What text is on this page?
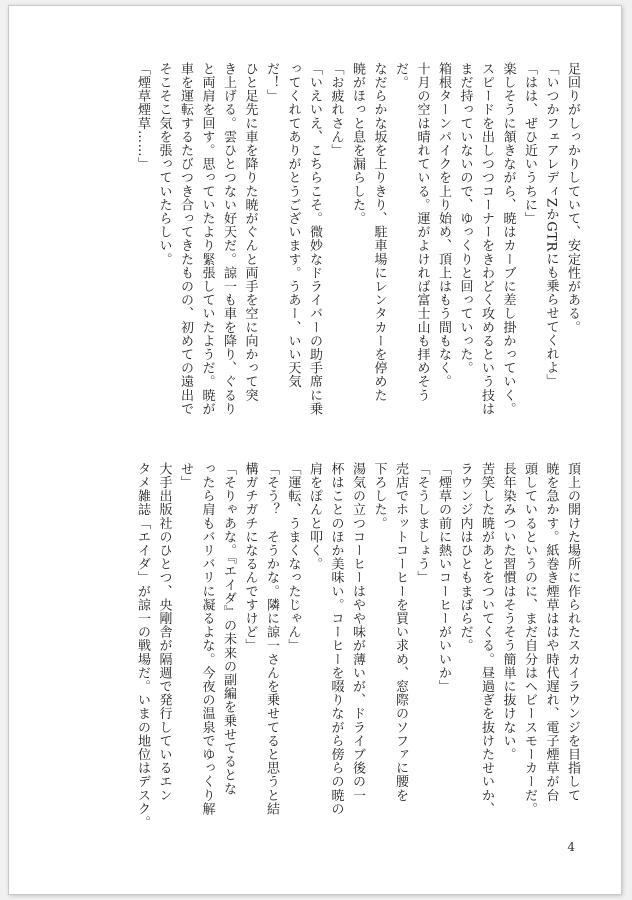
足回りがしっかりしていて、安定性がある。
「いつかフェアレディZかGTRにも乗らせてくれよ」
「はは、ぜひ近いうちに」
楽しそうに頷きながら、暁はカーブに差し掛かっていく。
スピードを出しつつコーナーをきわどく攻めるという技は
まだ持っていないので、ゆっくりと回っていった。
箱根ターンパイクを上り始め、頂上はもう間もなく。
十月の空は晴れている。運がよければ富士山も拝めそう
だ。
なだらかな坂を上りきり、駐車場にレンタカーを停めた
暁がほっと息を漏らした。
「お疲れさん」
「いえいえ、こちらこそ。微妙なドライバーの助手席に乗
ってくれてありがとうございます。うあー、いい天気
だ！」
ひと足先に車を降りた暁がぐんと両手を空に向かって突
き上げる。雲ひとつない好天だ。諒一も車を降り、ぐるり
と両肩を回す。思っていたより緊張していたようだ。暁が
車を運転するたびつき合ってきたものの、初めての遠出で
そこそこ気を張っていたらしい。
「煙草煙草……」
頂上の開けた場所に作られたスカイラウンジを目指して
暁を急かす。紙巻き煙草ははや時代遅れ、電子煙草が台
頭しているというのに、まだ自分はヘビースモーカーだ。
長年染みついた習慣はそうそう簡単に抜けない。
苦笑した暁があとをついてくる。昼過ぎを抜けたせいか、
ラウンジ内はひともまばらだ。
「煙草の前に熱いコーヒーがいいか」
「そうしましょう」
売店でホットコーヒーを買い求め、窓際のソファに腰を
下ろした。
湯気の立つコーヒーはやや味が薄いが、ドライブ後の一
杯はことのほか美味い。コーヒーを啜りながら傍らの暁の
肩をぽんと叩く。
「運転、うまくなったじゃん」
「そう？　そうかな。隣に諒一さんを乗せてると思うと結
構ガチガチになるんですけど」
「そりゃあな。『エイダ』の未来の副編を乗せてるとな
ったら肩もバリバリに凝るよな。今夜の温泉でゆっくり解
せ」
大手出版社のひとつ、央剛舎が隔週で発行しているエン
タメ雑誌「エイダ」が諒一の戦場だ。いまの地位はデスク。
4
